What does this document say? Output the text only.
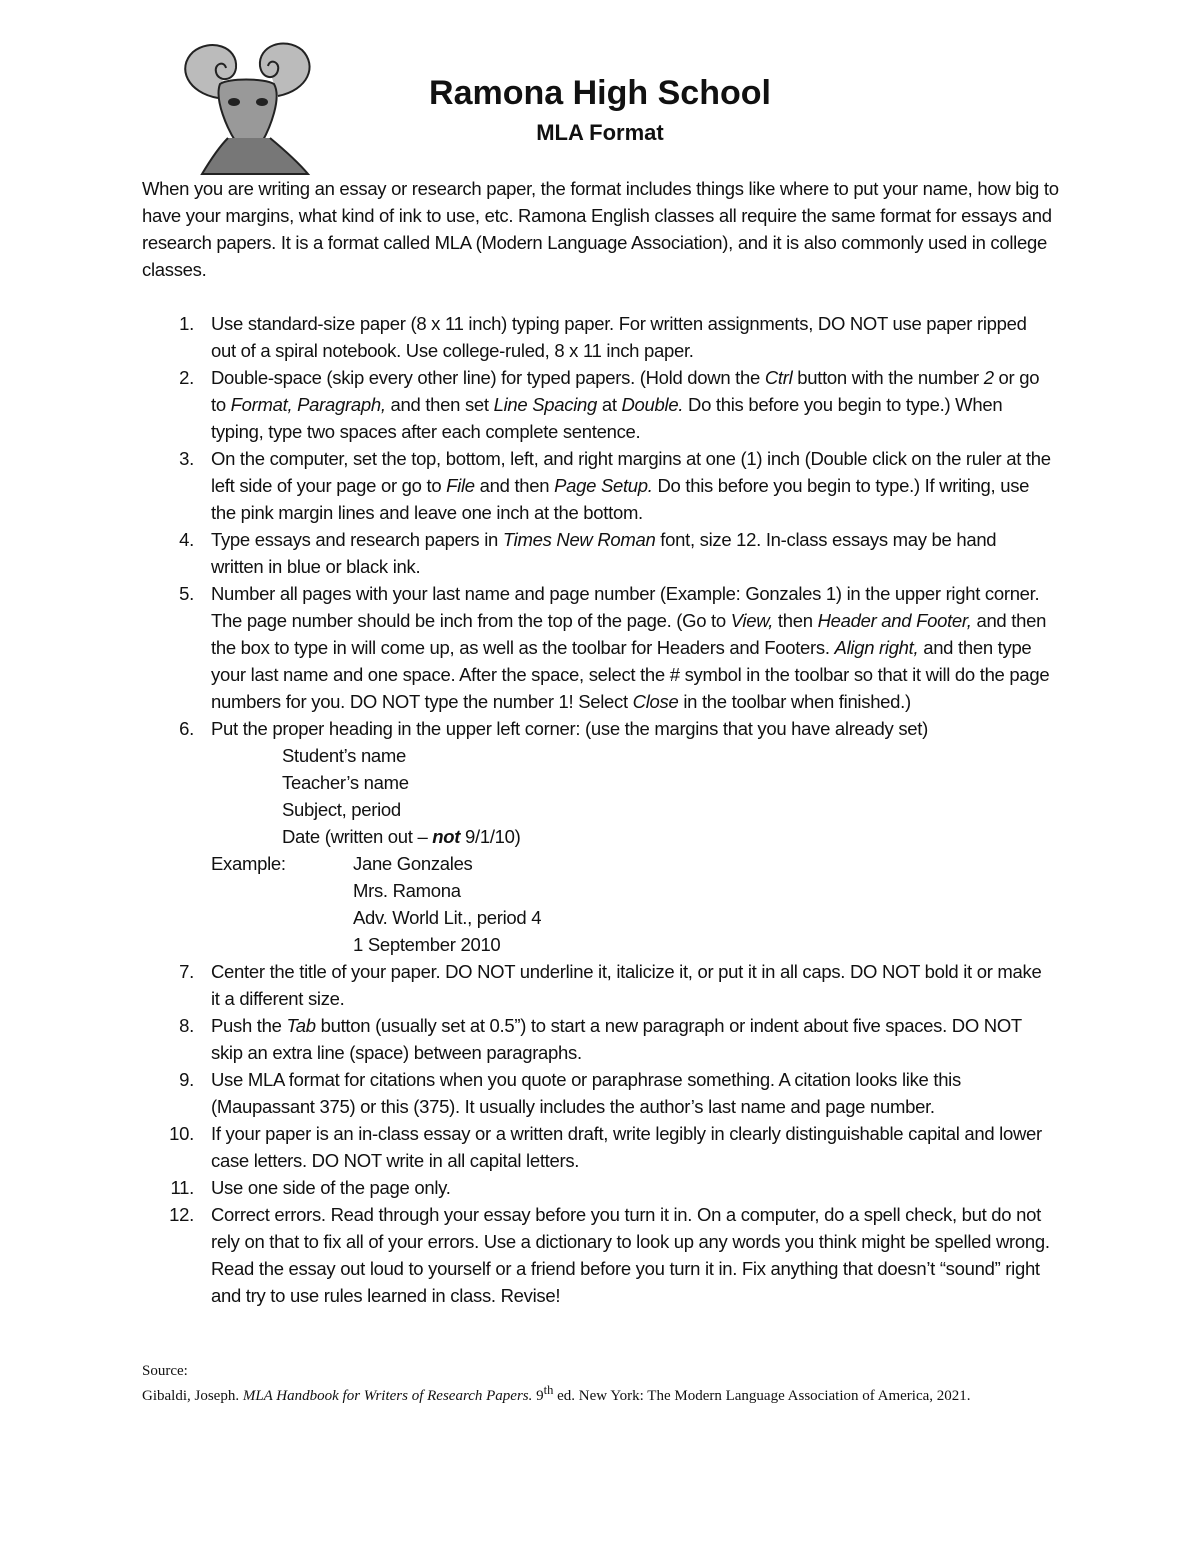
Ramona High School
MLA Format

When you are writing an essay or research paper, the format includes things like where to put your name, how big to have your margins, what kind of ink to use, etc. Ramona English classes all require the same format for essays and research papers. It is a format called MLA (Modern Language Association), and it is also commonly used in college classes.

1. Use standard-size paper (8 x 11 inch) typing paper. For written assignments, DO NOT use paper ripped out of a spiral notebook. Use college-ruled, 8 x 11 inch paper.
2. Double-space (skip every other line) for typed papers. (Hold down the Ctrl button with the number 2 or go to Format, Paragraph, and then set Line Spacing at Double. Do this before you begin to type.) When typing, type two spaces after each complete sentence.
3. On the computer, set the top, bottom, left, and right margins at one (1) inch (Double click on the ruler at the left side of your page or go to File and then Page Setup. Do this before you begin to type.) If writing, use the pink margin lines and leave one inch at the bottom.
4. Type essays and research papers in Times New Roman font, size 12. In-class essays may be hand written in blue or black ink.
5. Number all pages with your last name and page number (Example: Gonzales 1) in the upper right corner. The page number should be inch from the top of the page. (Go to View, then Header and Footer, and then the box to type in will come up, as well as the toolbar for Headers and Footers. Align right, and then type your last name and one space. After the space, select the # symbol in the toolbar so that it will do the page numbers for you. DO NOT type the number 1! Select Close in the toolbar when finished.)
6. Put the proper heading in the upper left corner: (use the margins that you have already set)
Student’s name
Teacher’s name
Subject, period
Date (written out – not 9/1/10)
Example:	Jane Gonzales
Mrs. Ramona
Adv. World Lit., period 4
1 September 2010
7. Center the title of your paper. DO NOT underline it, italicize it, or put it in all caps. DO NOT bold it or make it a different size.
8. Push the Tab button (usually set at 0.5”) to start a new paragraph or indent about five spaces. DO NOT skip an extra line (space) between paragraphs.
9. Use MLA format for citations when you quote or paraphrase something. A citation looks like this (Maupassant 375) or this (375). It usually includes the author’s last name and page number.
10. If your paper is an in-class essay or a written draft, write legibly in clearly distinguishable capital and lower case letters. DO NOT write in all capital letters.
11. Use one side of the page only.
12. Correct errors. Read through your essay before you turn it in. On a computer, do a spell check, but do not rely on that to fix all of your errors. Use a dictionary to look up any words you think might be spelled wrong. Read the essay out loud to yourself or a friend before you turn it in. Fix anything that doesn’t “sound” right and try to use rules learned in class. Revise!

Source:

Gibaldi, Joseph. MLA Handbook for Writers of Research Papers. 9th ed. New York: The Modern Language Association of America, 2021.
